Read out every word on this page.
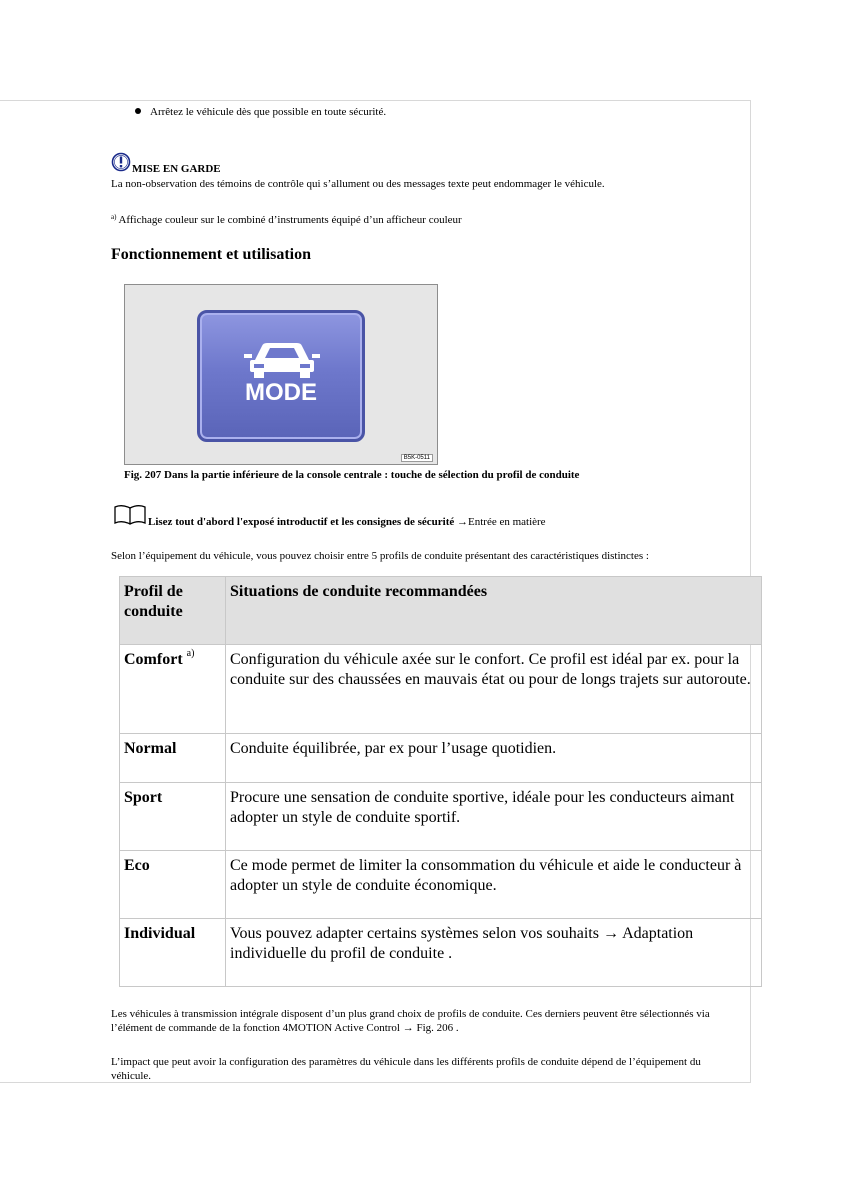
Arrêtez le véhicule dès que possible en toute sécurité.
MISE EN GARDE
La non-observation des témoins de contrôle qui s’allument ou des messages texte peut endommager le véhicule.
$^{a)}$ Affichage couleur sur le combiné d’instruments équipé d’un afficheur couleur
Fonctionnement et utilisation
MODE
B5K-0511
Fig. 207 Dans la partie inférieure de la console centrale : touche de sélection du profil de conduite
Lisez tout d'abord l'exposé introductif et les consignes de sécurité →Entrée en matière
Selon l’équipement du véhicule, vous pouvez choisir entre 5 profils de conduite présentant des caractéristiques distinctes :
Profil de conduite	Situations de conduite recommandées
Comfort $^{a)}$	Configuration du véhicule axée sur le confort. Ce profil est idéal par ex. pour la conduite sur des chaussées en mauvais état ou pour de longs trajets sur autoroute.
Normal	Conduite équilibrée, par ex pour l’usage quotidien.
Sport	Procure une sensation de conduite sportive, idéale pour les conducteurs aimant adopter un style de conduite sportif.
Eco	Ce mode permet de limiter la consommation du véhicule et aide le conducteur à adopter un style de conduite économique.
Individual	Vous pouvez adapter certains systèmes selon vos souhaits → Adaptation individuelle du profil de conduite .
Les véhicules à transmission intégrale disposent d’un plus grand choix de profils de conduite. Ces derniers peuvent être sélectionnés via l’élément de commande de la fonction 4MOTION Active Control → Fig. 206 .
L’impact que peut avoir la configuration des paramètres du véhicule dans les différents profils de conduite dépend de l’équipement du véhicule.
